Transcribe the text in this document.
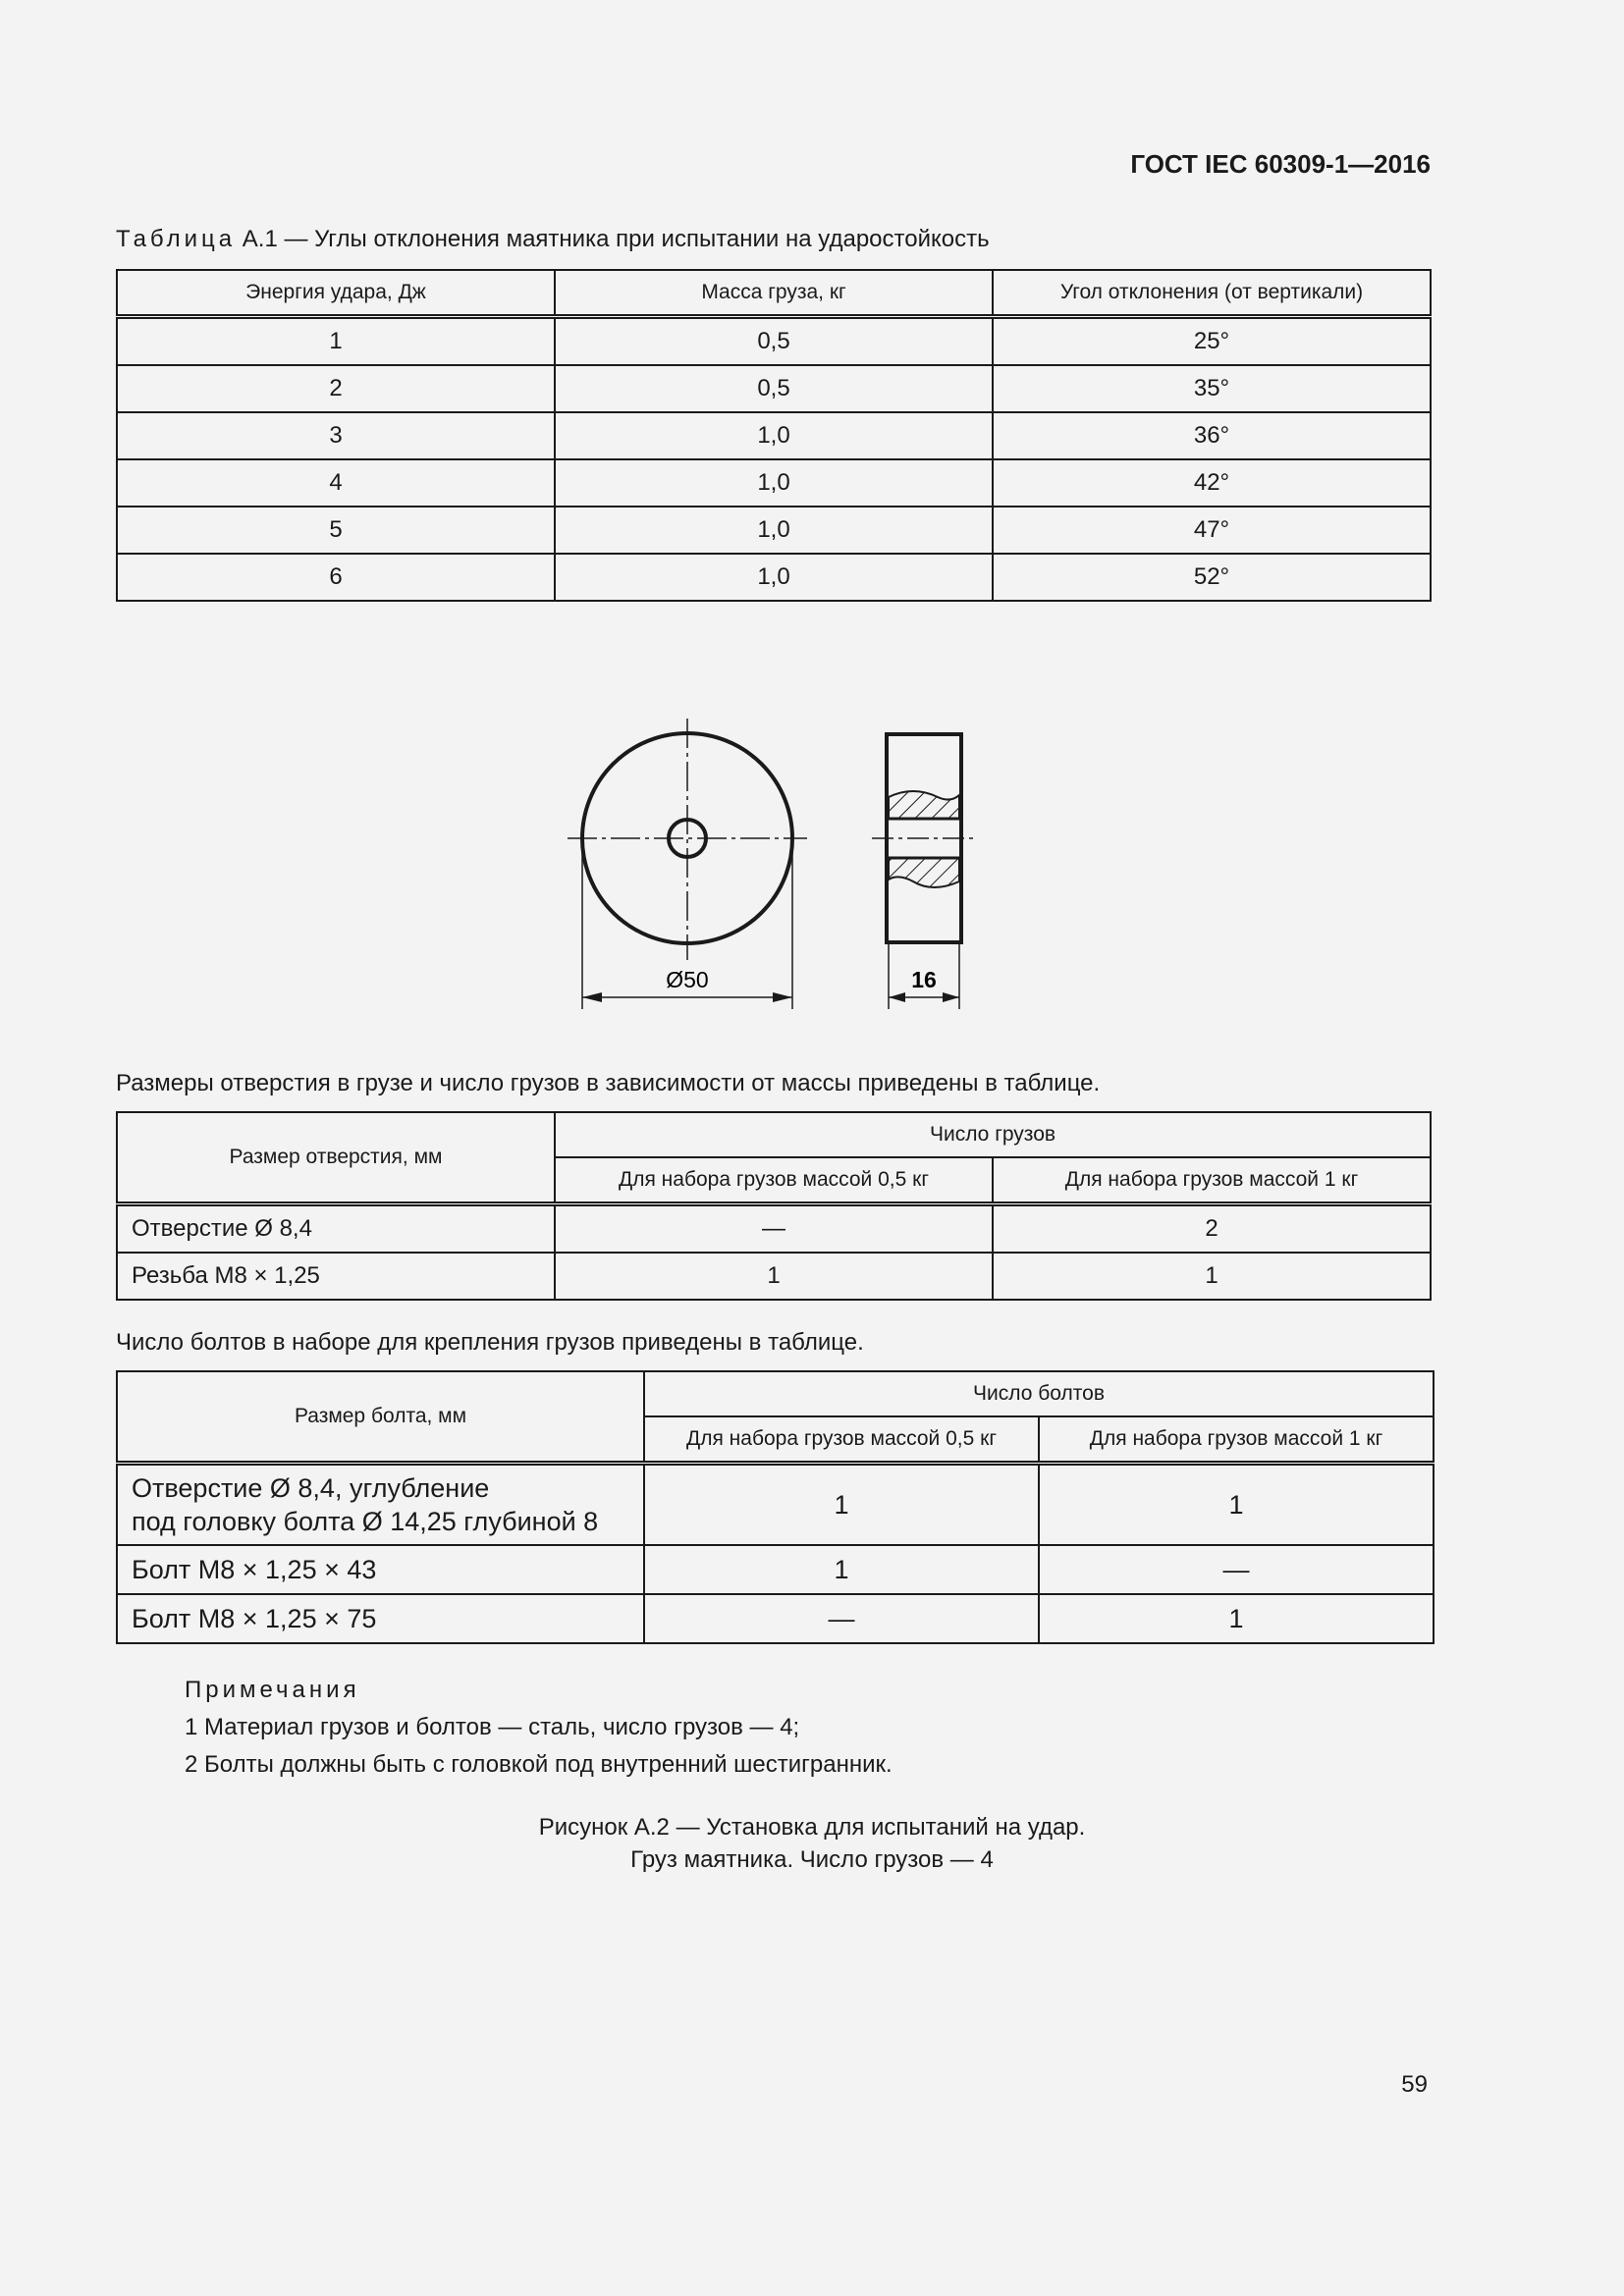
ГОСТ IEC 60309-1—2016
Таблица А.1 — Углы отклонения маятника при испытании на ударостойкость
Энергия удара, Дж	Масса груза, кг	Угол отклонения (от вертикали)
1	0,5	25°
2	0,5	35°
3	1,0	36°
4	1,0	42°
5	1,0	47°
6	1,0	52°
Ø50	16
Размеры отверстия в грузе и число грузов в зависимости от массы приведены в таблице.
Размер отверстия, мм	Число грузов	
	Для набора грузов массой 0,5 кг	Для набора грузов массой 1 кг
Отверстие Ø 8,4	—	2
Резьба М8 × 1,25	1	1
Число болтов в наборе для крепления грузов приведены в таблице.
Размер болта, мм	Число болтов	
	Для набора грузов массой 0,5 кг	Для набора грузов массой 1 кг

Отверстие Ø 8,4, углубление
под головку болта Ø 14,25 глубиной 8	1	1
Болт М8 × 1,25 × 43	1	—
Болт М8 × 1,25 × 75	—	1
Примечания
1 Материал грузов и болтов — сталь, число грузов — 4;
2 Болты должны быть с головкой под внутренний шестигранник.
Рисунок А.2 — Установка для испытаний на удар.
Груз маятника. Число грузов — 4
59
